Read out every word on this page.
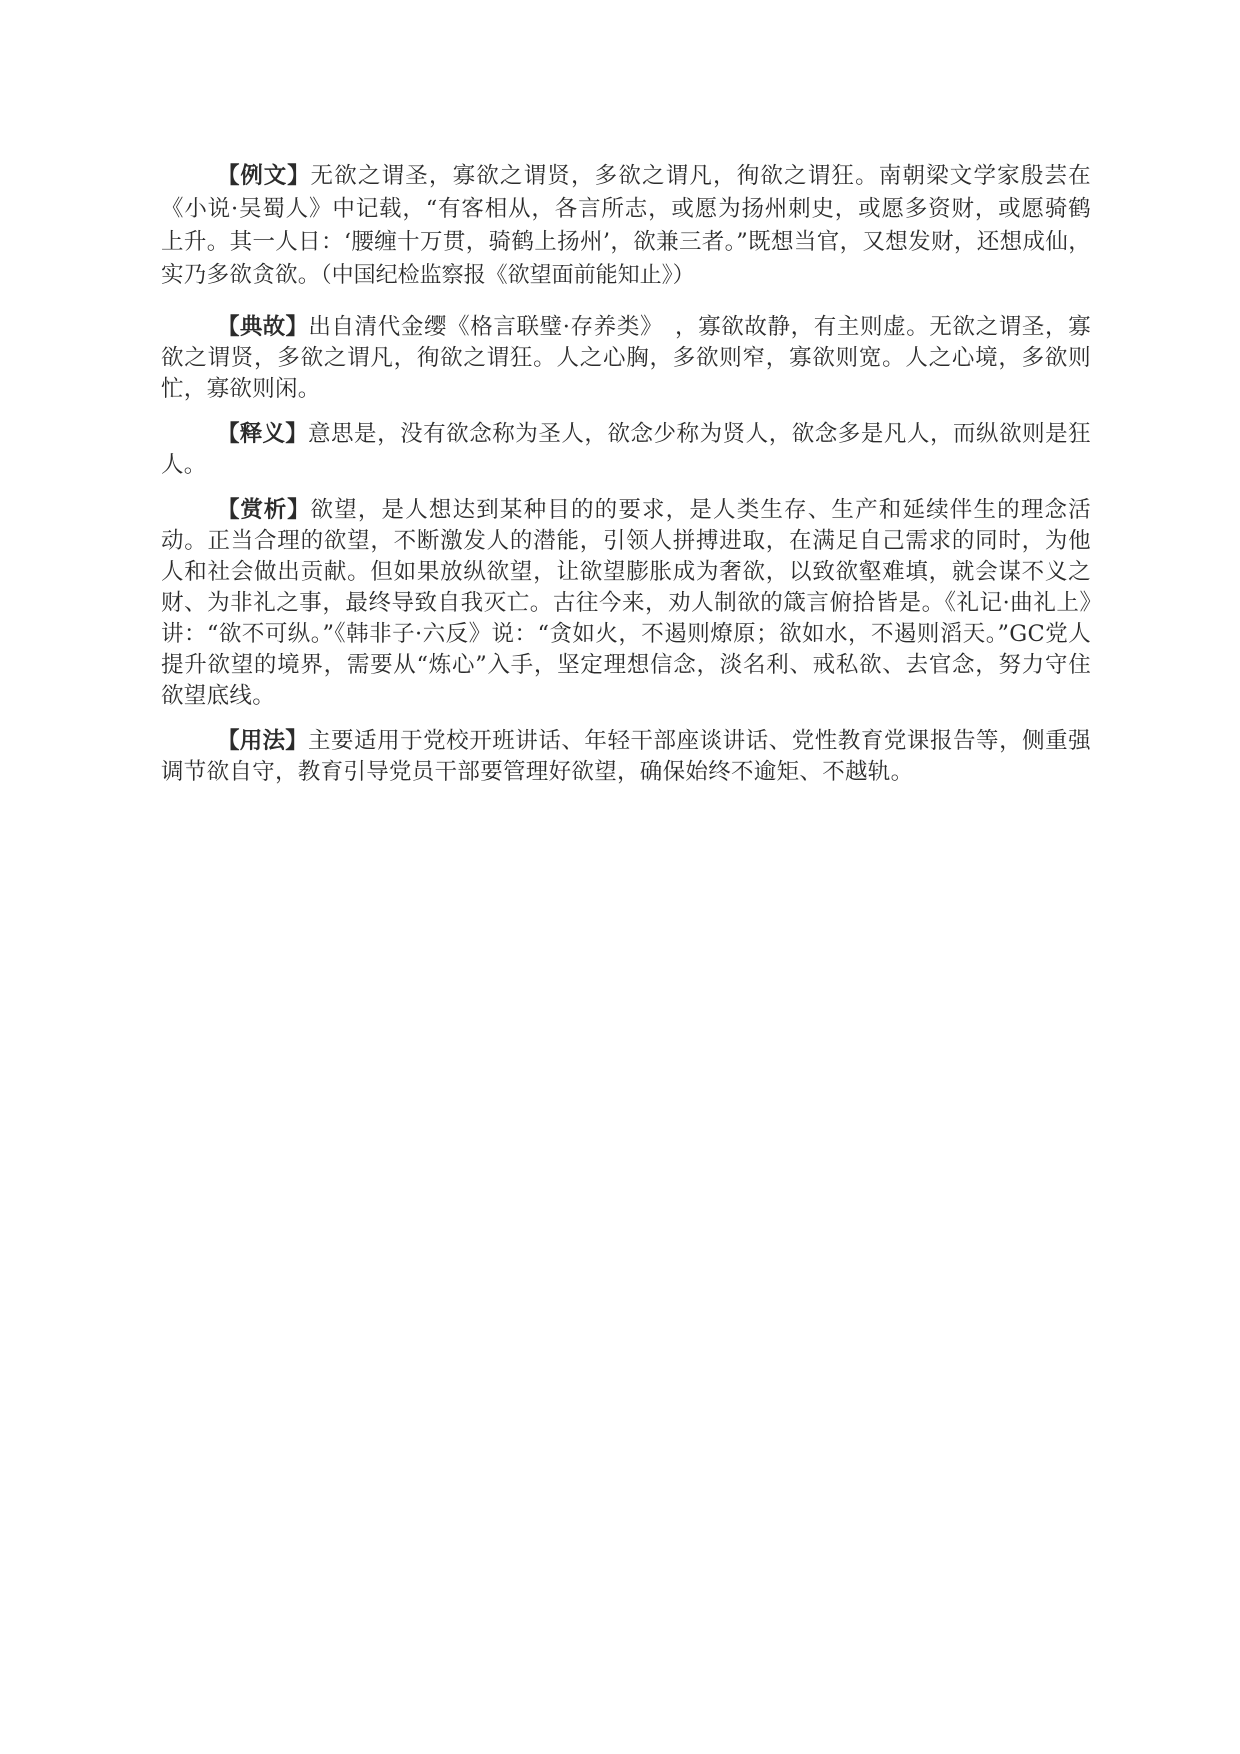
【例文】无欲之谓圣，寡欲之谓贤，多欲之谓凡，徇欲之谓狂。南朝梁文学家殷芸在《小说·吴蜀人》中记载，“有客相从，各言所志，或愿为扬州刺史，或愿多资财，或愿骑鹤上升。其一人日：‘腰缠十万贯，骑鹤上扬州’，欲兼三者。”既想当官，又想发财，还想成仙，实乃多欲贪欲。（中国纪检监察报《欲望面前能知止》）

【典故】出自清代金缨《格言联璧·存养类》　，寡欲故静，有主则虚。无欲之谓圣，寡欲之谓贤，多欲之谓凡，徇欲之谓狂。人之心胸，多欲则窄，寡欲则宽。人之心境，多欲则忙，寡欲则闲。

【释义】意思是，没有欲念称为圣人，欲念少称为贤人，欲念多是凡人，而纵欲则是狂人。

【赏析】欲望，是人想达到某种目的的要求，是人类生存、生产和延续伴生的理念活动。正当合理的欲望，不断激发人的潜能，引领人拼搏进取，在满足自己需求的同时，为他人和社会做出贡献。但如果放纵欲望，让欲望膨胀成为奢欲，以致欲壑难填，就会谋不义之财、为非礼之事，最终导致自我灭亡。古往今来，劝人制欲的箴言俯拾皆是。《礼记·曲礼上》讲：“欲不可纵。”《韩非子·六反》说：“贪如火，不遏则燎原；欲如水，不遏则滔天。”GC党人提升欲望的境界，需要从“炼心”入手，坚定理想信念，淡名利、戒私欲、去官念，努力守住欲望底线。

【用法】主要适用于党校开班讲话、年轻干部座谈讲话、党性教育党课报告等，侧重强调节欲自守，教育引导党员干部要管理好欲望，确保始终不逾矩、不越轨。
